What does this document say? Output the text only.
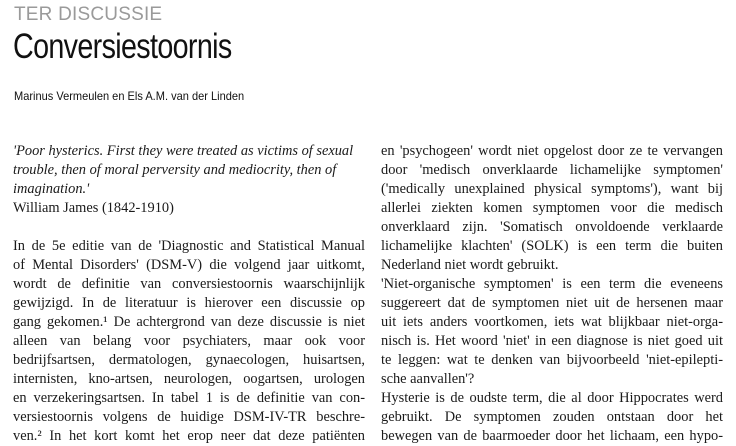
TER DISCUSSIE
Conversiestoornis
Marinus Vermeulen en Els A.M. van der Linden
'Poor hysterics. First they were treated as victims of sexual
trouble, then of moral perversity and mediocrity, then of
imagination.'
William James (1842-1910)
In de 5e editie van de 'Diagnostic and Statistical Manual
of Mental Disorders' (DSM-V) die volgend jaar uitkomt,
wordt de definitie van conversiestoornis waarschijnlijk
gewijzigd. In de literatuur is hierover een discussie op
gang gekomen.¹ De achtergrond van deze discussie is niet
alleen van belang voor psychiaters, maar ook voor
bedrijfsartsen, dermatologen, gynaecologen, huisartsen,
internisten, kno-artsen, neurologen, oogartsen, urologen
en verzekeringsartsen. In tabel 1 is de definitie van con-
versiestoornis volgens de huidige DSM-IV-TR beschre-
ven.² In het kort komt het erop neer dat deze patiënten
en 'psychogeen' wordt niet opgelost door ze te vervangen
door 'medisch onverklaarde lichamelijke symptomen'
('medically unexplained physical symptoms'), want bij
allerlei ziekten komen symptomen voor die medisch
onverklaard zijn. 'Somatisch onvoldoende verklaarde
lichamelijke klachten' (SOLK) is een term die buiten
Nederland niet wordt gebruikt.
'Niet-organische symptomen' is een term die eveneens
suggereert dat de symptomen niet uit de hersenen maar
uit iets anders voortkomen, iets wat blijkbaar niet-orga-
nisch is. Het woord 'niet' in een diagnose is niet goed uit
te leggen: wat te denken van bijvoorbeeld 'niet-epilepti-
sche aanvallen'?
Hysterie is de oudste term, die al door Hippocrates werd
gebruikt. De symptomen zouden ontstaan door het
bewegen van de baarmoeder door het lichaam, een hypo-
